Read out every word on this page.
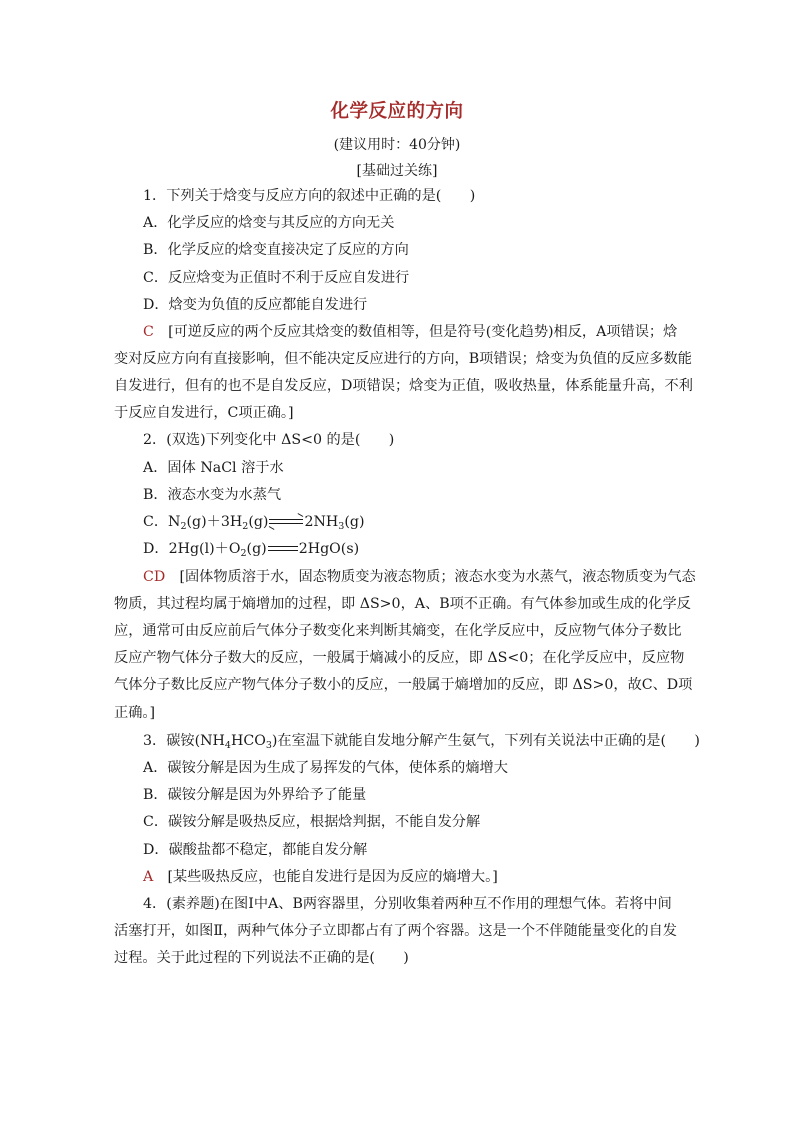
化学反应的方向
(建议用时：40分钟)
[基础过关练]
1．下列关于焓变与反应方向的叙述中正确的是(　　)
A．化学反应的焓变与其反应的方向无关
B．化学反应的焓变直接决定了反应的方向
C．反应焓变为正值时不利于反应自发进行
D．焓变为负值的反应都能自发进行
C　 [可逆反应的两个反应其焓变的数值相等，但是符号(变化趋势)相反，A项错误；焓
变对反应方向有直接影响，但不能决定反应进行的方向，B项错误；焓变为负值的反应多数能
自发进行，但有的也不是自发反应，D项错误；焓变为正值，吸收热量，体系能量升高，不利
于反应自发进行，C项正确。]
2．(双选)下列变化中 ΔS<0 的是(　　)
A．固体 NaCl 溶于水
B．液态水变为水蒸气
C．$N_2(g)+3H_2(g)$	$2NH_3(g)$
D．$2Hg(l)+O_2(g)$ 2HgO(s)
CD　 [固体物质溶于水，固态物质变为液态物质；液态水变为水蒸气，液态物质变为气态
物质，其过程均属于熵增加的过程，即 ΔS>0，A、B项不正确。有气体参加或生成的化学反
应，通常可由反应前后气体分子数变化来判断其熵变，在化学反应中，反应物气体分子数比
反应产物气体分子数大的反应，一般属于熵减小的反应，即 ΔS<0；在化学反应中，反应物
气体分子数比反应产物气体分子数小的反应，一般属于熵增加的反应，即 ΔS>0，故C、D项
正确。]
3．碳铵$(NH_4HCO_3)$在室温下就能自发地分解产生氨气，下列有关说法中正确的是(　　)
A．碳铵分解是因为生成了易挥发的气体，使体系的熵增大
B．碳铵分解是因为外界给予了能量
C．碳铵分解是吸热反应，根据焓判据，不能自发分解
D．碳酸盐都不稳定，都能自发分解
A　 [某些吸热反应，也能自发进行是因为反应的熵增大。]
4．(素养题)在图Ⅰ中A、B两容器里，分别收集着两种互不作用的理想气体。若将中间
活塞打开，如图Ⅱ，两种气体分子立即都占有了两个容器。这是一个不伴随能量变化的自发
过程。关于此过程的下列说法不正确的是(　　)
